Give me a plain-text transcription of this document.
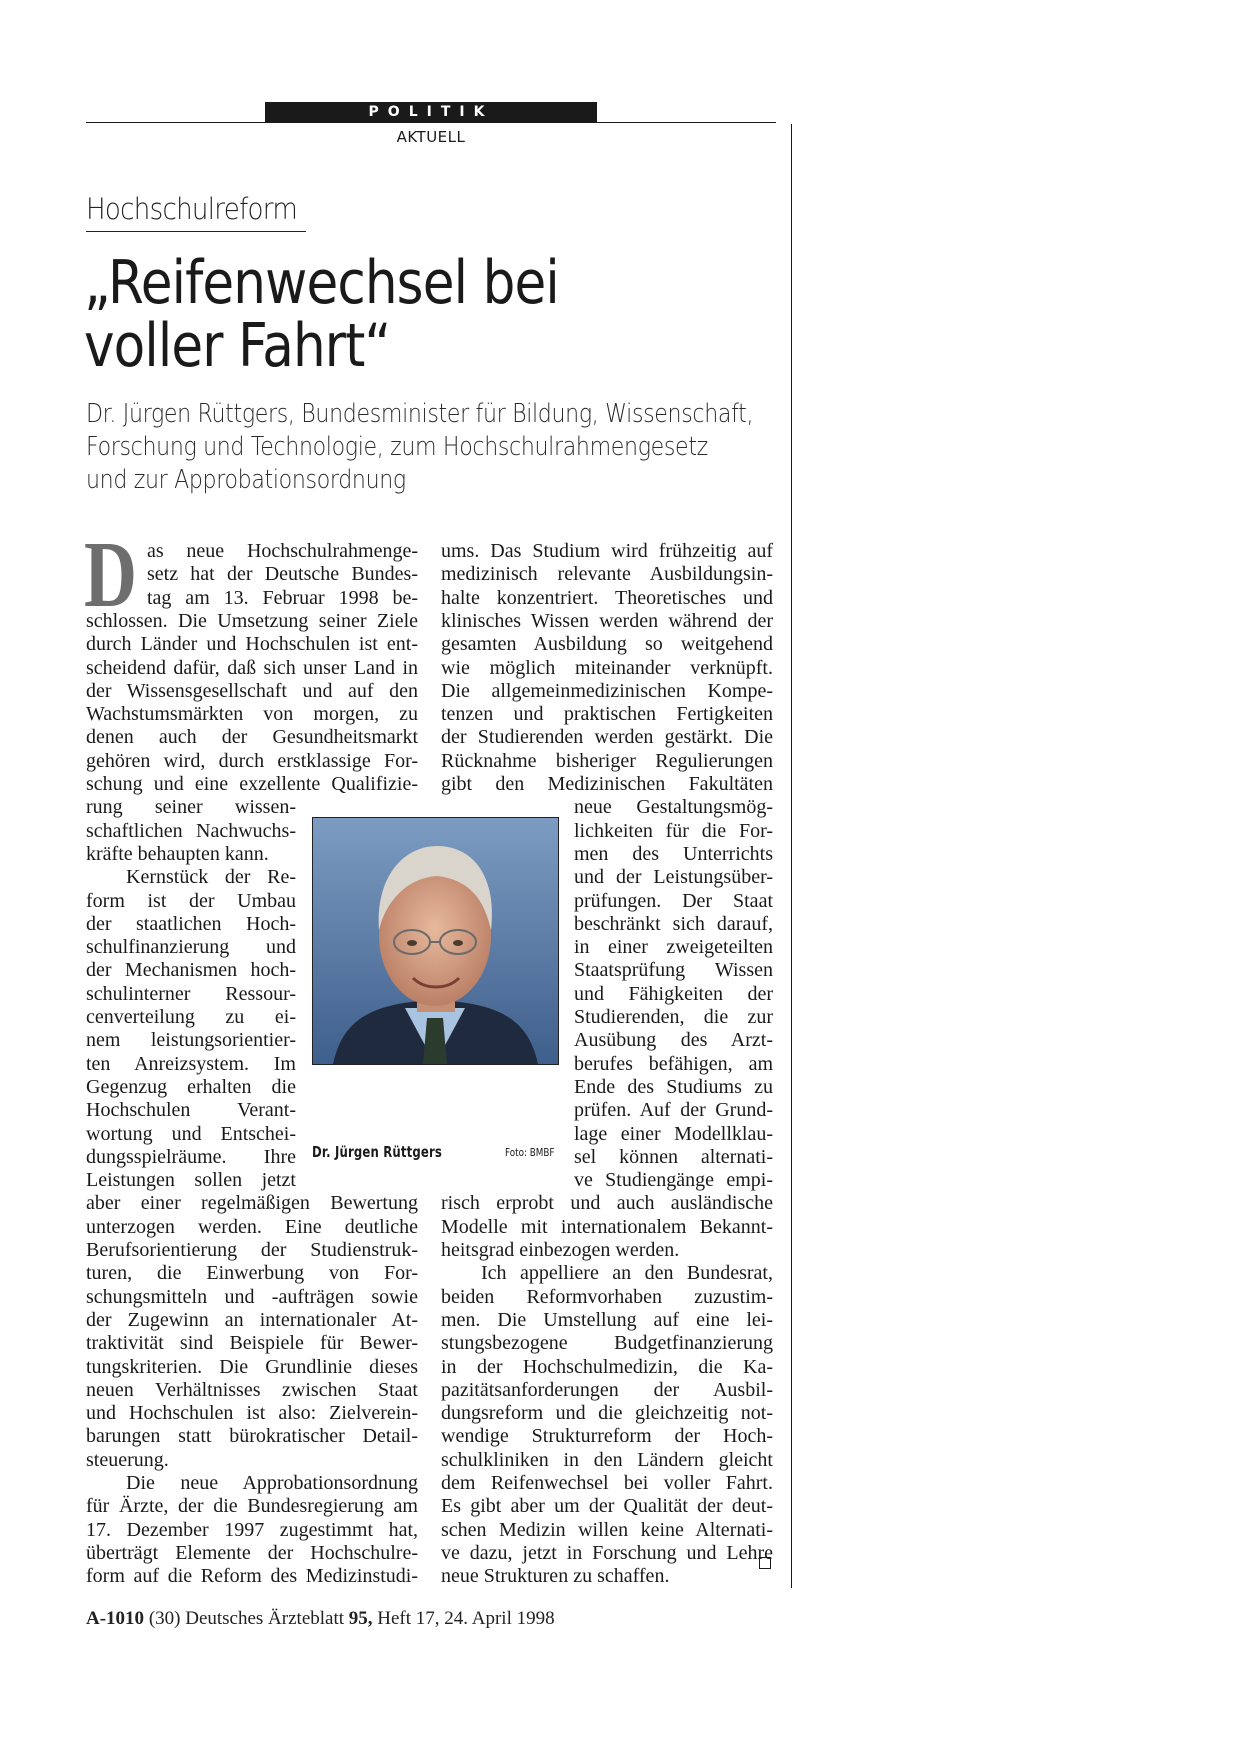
POLITIK
AKTUELL
Hochschulreform
„Reifenwechsel bei
voller Fahrt“

Dr. Jürgen Rüttgers, Bundesminister für Bildung, Wissenschaft,
Forschung und Technologie, zum Hochschulrahmengesetz
und zur Approbationsordnung

D as neue Hochschulrahmenge-
setz hat der Deutsche Bundes-
tag am 13. Februar 1998 be-
schlossen. Die Umsetzung seiner Ziele
durch Länder und Hochschulen ist ent-
scheidend dafür, daß sich unser Land in
der Wissensgesellschaft und auf den
Wachstumsmärkten von morgen, zu
denen auch der Gesundheitsmarkt
gehören wird, durch erstklassige For-
schung und eine exzellente Qualifizie-
rung seiner wissen-
schaftlichen Nachwuchs-
kräfte behaupten kann.
Kernstück der Re-
form ist der Umbau
der staatlichen Hoch-
schulfinanzierung und
der Mechanismen hoch-
schulinterner Ressour-
cenverteilung zu ei-
nem leistungsorientier-
ten Anreizsystem. Im
Gegenzug erhalten die
Hochschulen Verant-
wortung und Entschei-
dungsspielräume. Ihre
Leistungen sollen jetzt
aber einer regelmäßigen Bewertung
unterzogen werden. Eine deutliche
Berufsorientierung der Studienstruk-
turen, die Einwerbung von For-
schungsmitteln und -aufträgen sowie
der Zugewinn an internationaler At-
traktivität sind Beispiele für Bewer-
tungskriterien. Die Grundlinie dieses
neuen Verhältnisses zwischen Staat
und Hochschulen ist also: Zielverein-
barungen statt bürokratischer Detail-
steuerung.
Die neue Approbationsordnung
für Ärzte, der die Bundesregierung am
17. Dezember 1997 zugestimmt hat,
überträgt Elemente der Hochschulre-
form auf die Reform des Medizinstudi-
ums. Das Studium wird frühzeitig auf
medizinisch relevante Ausbildungsin-
halte konzentriert. Theoretisches und
klinisches Wissen werden während der
gesamten Ausbildung so weitgehend
wie möglich miteinander verknüpft.
Die allgemeinmedizinischen Kompe-
tenzen und praktischen Fertigkeiten
der Studierenden werden gestärkt. Die
Rücknahme bisheriger Regulierungen
gibt den Medizinischen Fakultäten
neue Gestaltungsmög-
lichkeiten für die For-
men des Unterrichts
und der Leistungsüber-
prüfungen. Der Staat
beschränkt sich darauf,
in einer zweigeteilten
Staatsprüfung Wissen
und Fähigkeiten der
Studierenden, die zur
Ausübung des Arzt-
berufes befähigen, am
Ende des Studiums zu
prüfen. Auf der Grund-
lage einer Modellklau-
sel können alternati-
ve Studiengänge empi-
risch erprobt und auch ausländische
Modelle mit internationalem Bekannt-
heitsgrad einbezogen werden.
Ich appelliere an den Bundesrat,
beiden Reformvorhaben zuzustim-
men. Die Umstellung auf eine lei-
stungsbezogene Budgetfinanzierung
in der Hochschulmedizin, die Ka-
pazitätsanforderungen der Ausbil-
dungsreform und die gleichzeitig not-
wendige Strukturreform der Hoch-
schulkliniken in den Ländern gleicht
dem Reifenwechsel bei voller Fahrt.
Es gibt aber um der Qualität der deut-
schen Medizin willen keine Alternati-
ve dazu, jetzt in Forschung und Lehre
neue Strukturen zu schaffen.
Dr. Jürgen Rüttgers	Foto: BMBF
A-1010 (30) Deutsches Ärzteblatt 95, Heft 17, 24. April 1998
